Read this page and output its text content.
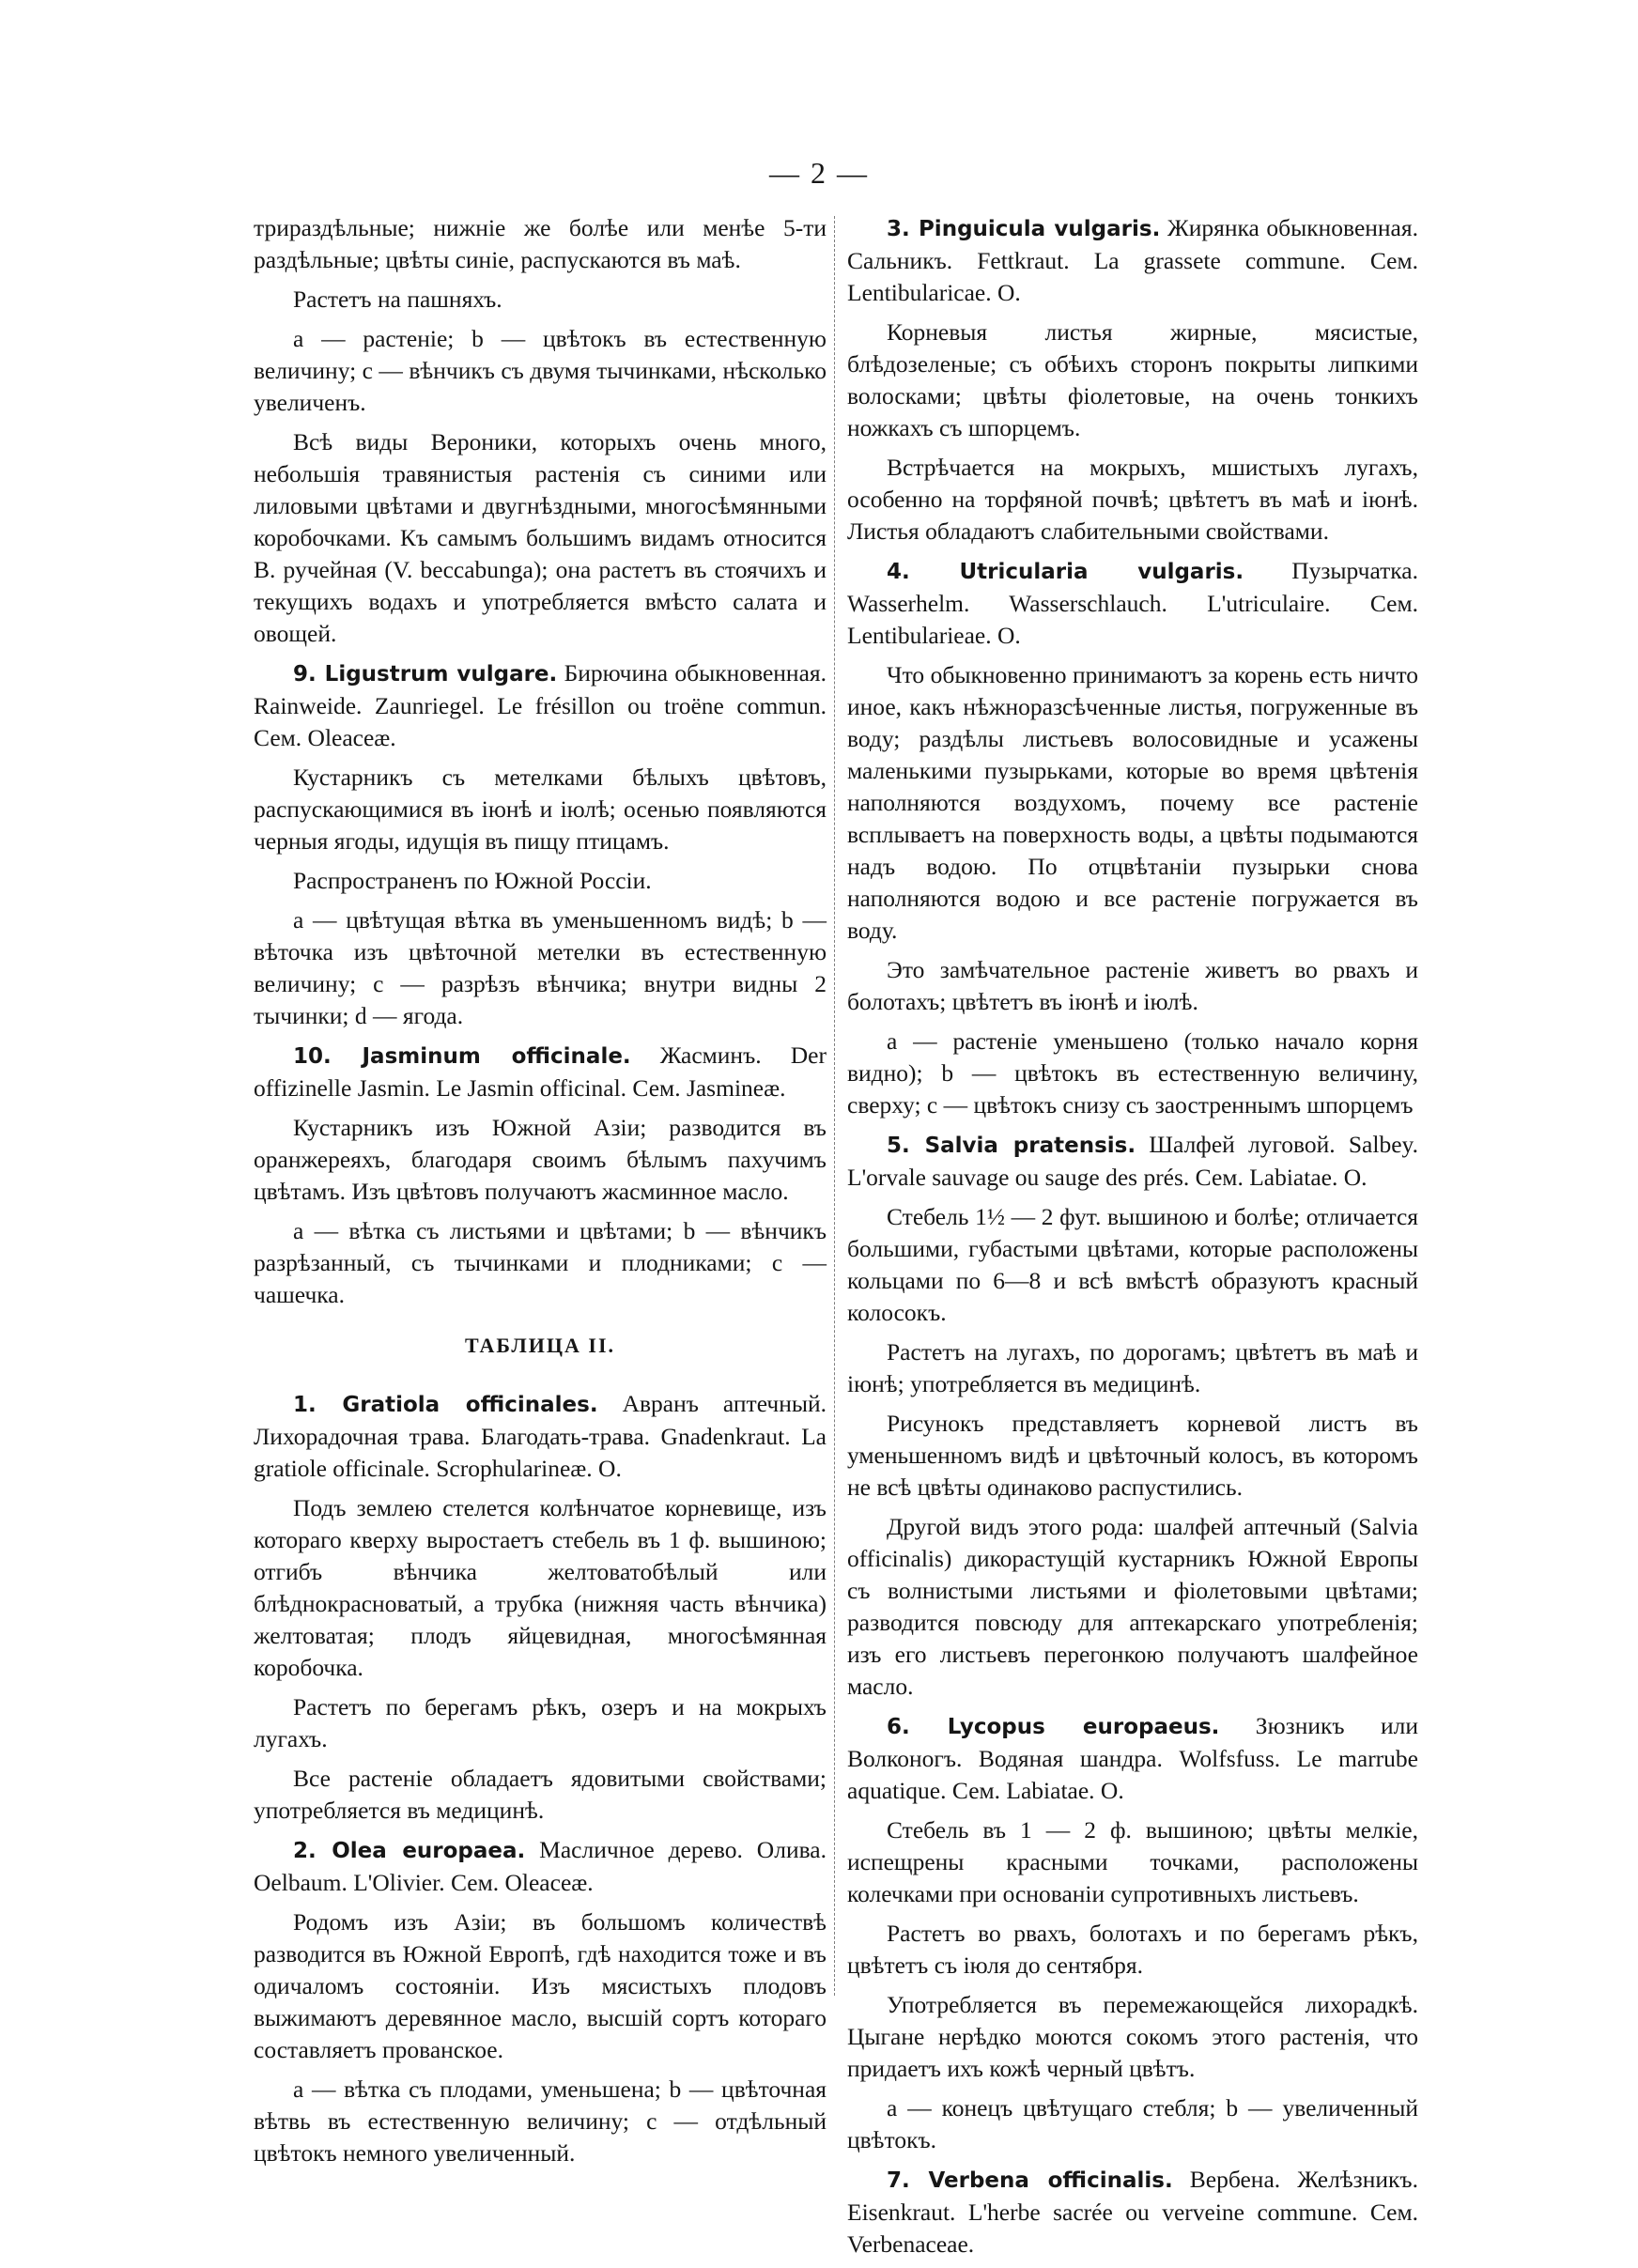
— 2 —

трираздѣльные; нижніе же болѣе или менѣе 5-ти раздѣльные; цвѣты синіе, распускаются въ маѣ.

Растетъ на пашняхъ.

a — растеніе; b — цвѣтокъ въ естественную величину; c — вѣнчикъ съ двумя тычинками, нѣсколько увеличенъ.

Всѣ виды Вероники, которыхъ очень много, небольшія травянистыя растенія съ синими или лиловыми цвѣтами и двугнѣздными, многосѣмянными коробочками. Къ самымъ большимъ видамъ относится В. ручейная (V. beccabunga); она растетъ въ стоячихъ и текущихъ водахъ и употребляется вмѣсто салата и овощей.

9. Ligustrum vulgare. Бирючина обыкновенная. Rainweide. Zaunriegel. Le frésillon ou troëne commun. Сем. Oleaceæ.

Кустарникъ съ метелками бѣлыхъ цвѣтовъ, распускающимися въ іюнѣ и іюлѣ; осенью появляются черныя ягоды, идущія въ пищу птицамъ.

Распространенъ по Южной Россіи.

a — цвѣтущая вѣтка въ уменьшенномъ видѣ; b — вѣточка изъ цвѣточной метелки въ естественную величину; c — разрѣзъ вѣнчика; внутри видны 2 тычинки; d — ягода.

10. Jasminum officinale. Жасминъ. Der offizinelle Jasmin. Le Jasmin officinal. Сем. Jasmineæ.

Кустарникъ изъ Южной Азіи; разводится въ оранжереяхъ, благодаря своимъ бѣлымъ пахучимъ цвѣтамъ. Изъ цвѣтовъ получаютъ жасминное масло.

a — вѣтка съ листьями и цвѣтами; b — вѣнчикъ разрѣзанный, съ тычинками и плодниками; c — чашечка.

ТАБЛИЦА II.

1. Gratiola officinales. Авранъ аптечный. Лихорадочная трава. Благодать-трава. Gnadenkraut. La gratiole officinale. Scrophularineæ. O.

Подъ землею стелется колѣнчатое корневище, изъ котораго кверху выростаетъ стебель въ 1 ф. вышиною; отгибъ вѣнчика желтоватобѣлый или блѣднокрасноватый, а трубка (нижняя часть вѣнчика) желтоватая; плодъ яйцевидная, многосѣмянная коробочка.

Растетъ по берегамъ рѣкъ, озеръ и на мокрыхъ лугахъ.

Все растеніе обладаетъ ядовитыми свойствами; употребляется въ медицинѣ.

2. Olea europaea. Масличное дерево. Олива. Oelbaum. L'Olivier. Сем. Oleaceæ.

Родомъ изъ Азіи; въ большомъ количествѣ разводится въ Южной Европѣ, гдѣ находится тоже и въ одичаломъ состояніи. Изъ мясистыхъ плодовъ выжимаютъ деревянное масло, высшій сортъ котораго составляетъ прованское.

a — вѣтка съ плодами, уменьшена; b — цвѣточная вѣтвь въ естественную величину; c — отдѣльный цвѣтокъ немного увеличенный.

3. Pinguicula vulgaris. Жирянка обыкновенная. Сальникъ. Fettkraut. La grassete commune. Сем. Lentibularicae. O.

Корневыя листья жирные, мясистые, блѣдозеленые; съ обѣихъ сторонъ покрыты липкими волосками; цвѣты фіолетовые, на очень тонкихъ ножкахъ съ шпорцемъ.

Встрѣчается на мокрыхъ, мшистыхъ лугахъ, особенно на торфяной почвѣ; цвѣтетъ въ маѣ и іюнѣ. Листья обладаютъ слабительными свойствами.

4. Utricularia vulgaris. Пузырчатка. Wasserhelm. Wasserschlauch. L'utriculaire. Сем. Lentibularieae. O.

Что обыкновенно принимаютъ за корень есть ничто иное, какъ нѣжноразсѣченные листья, погруженные въ воду; раздѣлы листьевъ волосовидные и усажены маленькими пузырьками, которые во время цвѣтенія наполняются воздухомъ, почему все растеніе всплываетъ на поверхность воды, а цвѣты подымаются надъ водою. По отцвѣтаніи пузырьки снова наполняются водою и все растеніе погружается въ воду.

Это замѣчательное растеніе живетъ во рвахъ и болотахъ; цвѣтетъ въ іюнѣ и іюлѣ.

a — растеніе уменьшено (только начало корня видно); b — цвѣтокъ въ естественную величину, сверху; c — цвѣтокъ снизу съ заостреннымъ шпорцемъ

5. Salvia pratensis. Шалфей луговой. Salbey. L'orvale sauvage ou sauge des prés. Сем. Labiatae. O.

Стебель 1½ — 2 фут. вышиною и болѣе; отличается большими, губастыми цвѣтами, которые расположены кольцами по 6—8 и всѣ вмѣстѣ образуютъ красный колосокъ.

Растетъ на лугахъ, по дорогамъ; цвѣтетъ въ маѣ и іюнѣ; употребляется въ медицинѣ.

Рисунокъ представляетъ корневой листъ въ уменьшенномъ видѣ и цвѣточный колосъ, въ которомъ не всѣ цвѣты одинаково распустились.

Другой видъ этого рода: шалфей аптечный (Salvia officinalis) дикорастущій кустарникъ Южной Европы съ волнистыми листьями и фіолетовыми цвѣтами; разводится повсюду для аптекарскаго употребленія; изъ его листьевъ перегонкою получаютъ шалфейное масло.

6. Lycopus europaeus. Зюзникъ или Волконогъ. Водяная шандра. Wolfsfuss. Le marrube aquatique. Сем. Labiatae. O.

Стебель въ 1 — 2 ф. вышиною; цвѣты мелкіе, испещрены красными точками, расположены колечками при основаніи супротивныхъ листьевъ.

Растетъ во рвахъ, болотахъ и по берегамъ рѣкъ, цвѣтетъ съ іюля до сентября.

Употребляется въ перемежающейся лихорадкѣ. Цыгане нерѣдко моются сокомъ этого растенія, что придаетъ ихъ кожѣ черный цвѣтъ.

a — конецъ цвѣтущаго стебля; b — увеличенный цвѣтокъ.

7. Verbena officinalis. Вербена. Желѣзникъ. Eisenkraut. L'herbe sacrée ou verveine commune. Сем. Verbenaceae.
